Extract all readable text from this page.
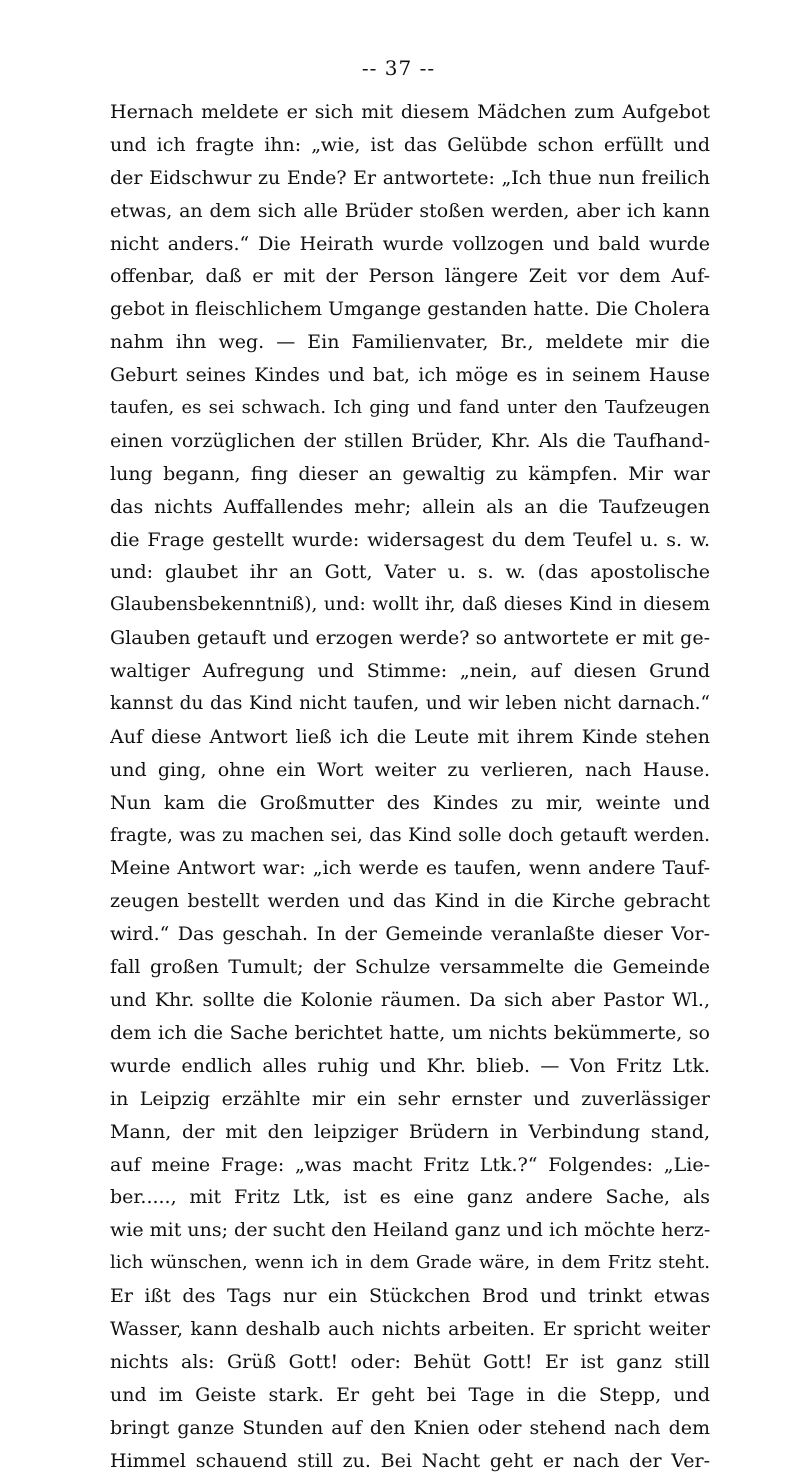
-- 37 --
Hernach meldete er sich mit diesem Mädchen zum Aufgebot
und ich fragte ihn: „wie, ist das Gelübde schon erfüllt und
der Eidschwur zu Ende? Er antwortete: „Ich thue nun freilich
etwas, an dem sich alle Brüder stoßen werden, aber ich kann
nicht anders.“ Die Heirath wurde vollzogen und bald wurde
offenbar, daß er mit der Person längere Zeit vor dem Auf-
gebot in fleischlichem Umgange gestanden hatte. Die Cholera
nahm ihn weg. — Ein Familienvater, Br., meldete mir die
Geburt seines Kindes und bat, ich möge es in seinem Hause
taufen, es sei schwach. Ich ging und fand unter den Taufzeugen
einen vorzüglichen der stillen Brüder, Khr. Als die Taufhand-
lung begann, fing dieser an gewaltig zu kämpfen. Mir war
das nichts Auffallendes mehr; allein als an die Taufzeugen
die Frage gestellt wurde: widersagest du dem Teufel u. s. w.
und: glaubet ihr an Gott, Vater u. s. w. (das apostolische
Glaubensbekenntniß), und: wollt ihr, daß dieses Kind in diesem
Glauben getauft und erzogen werde? so antwortete er mit ge-
waltiger Aufregung und Stimme: „nein, auf diesen Grund
kannst du das Kind nicht taufen, und wir leben nicht darnach.“
Auf diese Antwort ließ ich die Leute mit ihrem Kinde stehen
und ging, ohne ein Wort weiter zu verlieren, nach Hause.
Nun kam die Großmutter des Kindes zu mir, weinte und
fragte, was zu machen sei, das Kind solle doch getauft werden.
Meine Antwort war: „ich werde es taufen, wenn andere Tauf-
zeugen bestellt werden und das Kind in die Kirche gebracht
wird.“ Das geschah. In der Gemeinde veranlaßte dieser Vor-
fall großen Tumult; der Schulze versammelte die Gemeinde
und Khr. sollte die Kolonie räumen. Da sich aber Pastor Wl.,
dem ich die Sache berichtet hatte, um nichts bekümmerte, so
wurde endlich alles ruhig und Khr. blieb. — Von Fritz Ltk.
in Leipzig erzählte mir ein sehr ernster und zuverlässiger
Mann, der mit den leipziger Brüdern in Verbindung stand,
auf meine Frage: „was macht Fritz Ltk.?“ Folgendes: „Lie-
ber....., mit Fritz Ltk, ist es eine ganz andere Sache, als
wie mit uns; der sucht den Heiland ganz und ich möchte herz-
lich wünschen, wenn ich in dem Grade wäre, in dem Fritz steht.
Er ißt des Tags nur ein Stückchen Brod und trinkt etwas
Wasser, kann deshalb auch nichts arbeiten. Er spricht weiter
nichts als: Grüß Gott! oder: Behüt Gott! Er ist ganz still
und im Geiste stark. Er geht bei Tage in die Stepp, und
bringt ganze Stunden auf den Knien oder stehend nach dem
Himmel schauend still zu. Bei Nacht geht er nach der Ver-
